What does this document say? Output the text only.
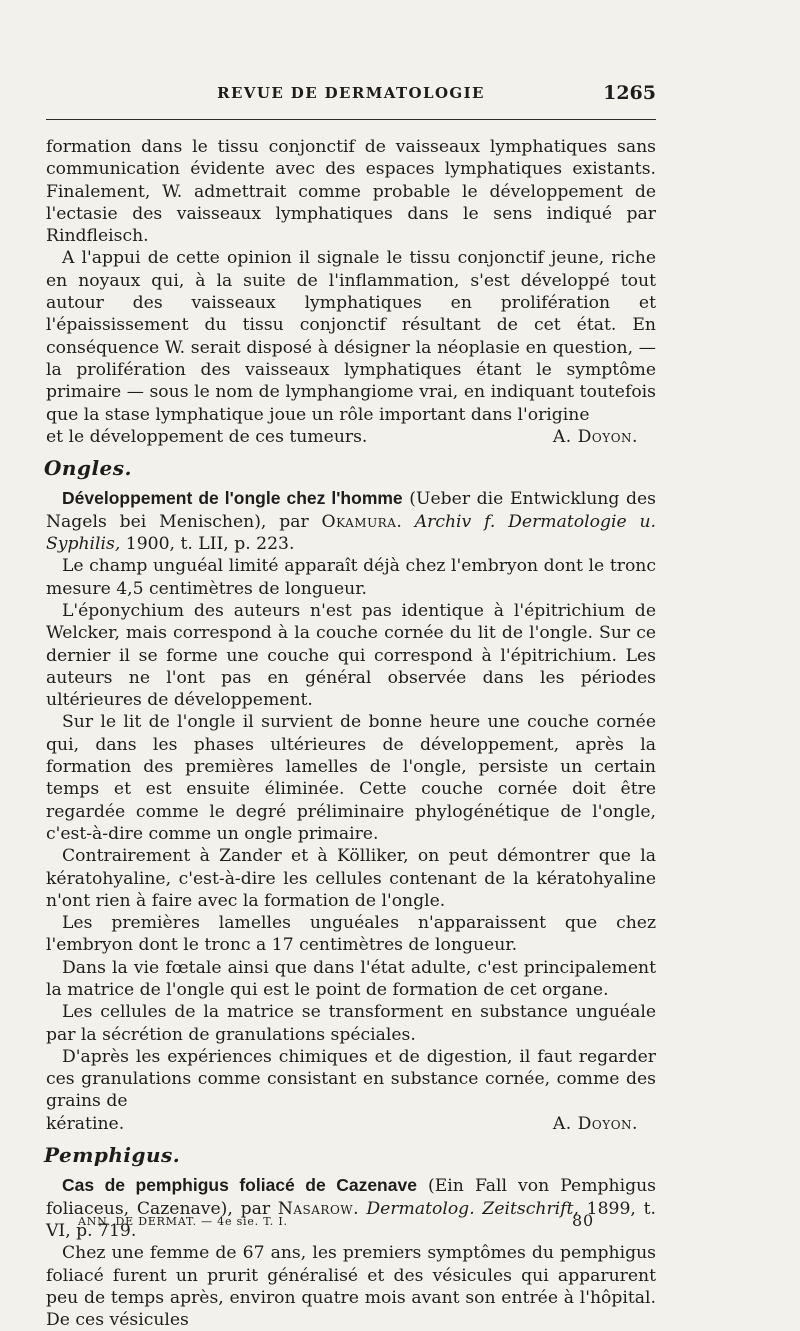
REVUE DE DERMATOLOGIE	1265

formation dans le tissu conjonctif de vaisseaux lymphatiques sans communication évidente avec des espaces lymphatiques existants. Finalement, W. admettrait comme probable le développement de l'ectasie des vaisseaux lymphatiques dans le sens indiqué par Rindfleisch.

A l'appui de cette opinion il signale le tissu conjonctif jeune, riche en noyaux qui, à la suite de l'inflammation, s'est développé tout autour des vaisseaux lymphatiques en prolifération et l'épaississement du tissu conjonctif résultant de cet état. En conséquence W. serait disposé à désigner la néoplasie en question, — la prolifération des vaisseaux lymphatiques étant le symptôme primaire — sous le nom de lymphangiome vrai, en indiquant toutefois que la stase lymphatique joue un rôle important dans l'origine

et le développement de ces tumeurs.	A. Doyon.

Ongles.

Développement de l'ongle chez l'homme (Ueber die Entwicklung des Nagels bei Menischen), par Okamura. Archiv f. Dermatologie u. Syphilis, 1900, t. LII, p. 223.

Le champ unguéal limité apparaît déjà chez l'embryon dont le tronc mesure 4,5 centimètres de longueur.

L'éponychium des auteurs n'est pas identique à l'épitrichium de Welcker, mais correspond à la couche cornée du lit de l'ongle. Sur ce dernier il se forme une couche qui correspond à l'épitrichium. Les auteurs ne l'ont pas en général observée dans les périodes ultérieures de développement.

Sur le lit de l'ongle il survient de bonne heure une couche cornée qui, dans les phases ultérieures de développement, après la formation des premières lamelles de l'ongle, persiste un certain temps et est ensuite éliminée. Cette couche cornée doit être regardée comme le degré préliminaire phylogénétique de l'ongle, c'est-à-dire comme un ongle primaire.

Contrairement à Zander et à Kölliker, on peut démontrer que la kératohyaline, c'est-à-dire les cellules contenant de la kératohyaline n'ont rien à faire avec la formation de l'ongle.

Les premières lamelles unguéales n'apparaissent que chez l'embryon dont le tronc a 17 centimètres de longueur.

Dans la vie fœtale ainsi que dans l'état adulte, c'est principalement la matrice de l'ongle qui est le point de formation de cet organe.

Les cellules de la matrice se transforment en substance unguéale par la sécrétion de granulations spéciales.

D'après les expériences chimiques et de digestion, il faut regarder ces granulations comme consistant en substance cornée, comme des grains de

kératine.	A. Doyon.

Pemphigus.

Cas de pemphigus foliacé de Cazenave (Ein Fall von Pemphigus foliaceus, Cazenave), par Nasarow. Dermatolog. Zeitschrift, 1899, t. VI, p. 719.

Chez une femme de 67 ans, les premiers symptômes du pemphigus foliacé furent un prurit généralisé et des vésicules qui apparurent peu de temps après, environ quatre mois avant son entrée à l'hôpital. De ces vésicules

ANN. DE DERMAT. — 4e sie. T. I.	80
